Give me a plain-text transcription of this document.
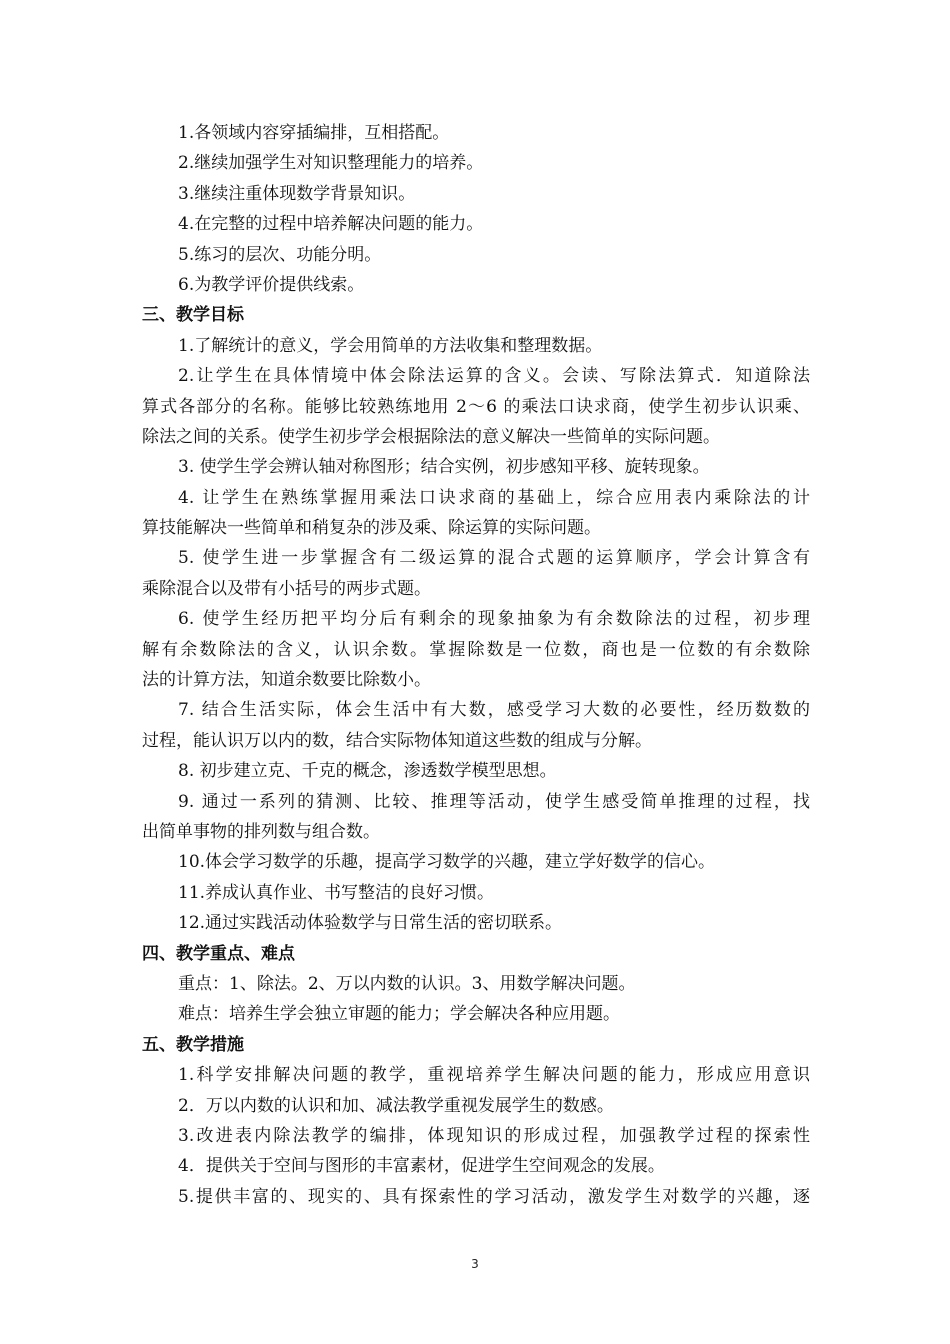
1.各领域内容穿插编排，互相搭配。
2.继续加强学生对知识整理能力的培养。
3.继续注重体现数学背景知识。
4.在完整的过程中培养解决问题的能力。
5.练习的层次、功能分明。
6.为教学评价提供线索。
三、教学目标
1.了解统计的意义，学会用简单的方法收集和整理数据。
2.让学生在具体情境中体会除法运算的含义。会读、写除法算式．知道除法
算式各部分的名称。能够比较熟练地用 2～6 的乘法口诀求商，使学生初步认识乘、
除法之间的关系。使学生初步学会根据除法的意义解决一些简单的实际问题。
3. 使学生学会辨认轴对称图形；结合实例，初步感知平移、旋转现象。
4. 让学生在熟练掌握用乘法口诀求商的基础上，综合应用表内乘除法的计
算技能解决一些简单和稍复杂的涉及乘、除运算的实际问题。
5. 使学生进一步掌握含有二级运算的混合式题的运算顺序，学会计算含有
乘除混合以及带有小括号的两步式题。
6. 使学生经历把平均分后有剩余的现象抽象为有余数除法的过程，初步理
解有余数除法的含义，认识余数。掌握除数是一位数，商也是一位数的有余数除
法的计算方法，知道余数要比除数小。
7. 结合生活实际，体会生活中有大数，感受学习大数的必要性，经历数数的
过程，能认识万以内的数，结合实际物体知道这些数的组成与分解。
8. 初步建立克、千克的概念，渗透数学模型思想。
9. 通过一系列的猜测、比较、推理等活动，使学生感受简单推理的过程，找
出简单事物的排列数与组合数。
10.体会学习数学的乐趣，提高学习数学的兴趣，建立学好数学的信心。
11.养成认真作业、书写整洁的良好习惯。
12.通过实践活动体验数学与日常生活的密切联系。
四、教学重点、难点
重点：1、除法。2、万以内数的认识。3、用数学解决问题。
难点：培养生学会独立审题的能力；学会解决各种应用题。
五、教学措施
1.科学安排解决问题的教学，重视培养学生解决问题的能力，形成应用意识
2．万以内数的认识和加、减法教学重视发展学生的数感。
3.改进表内除法教学的编排，体现知识的形成过程，加强教学过程的探索性
4．提供关于空间与图形的丰富素材，促进学生空间观念的发展。
5.提供丰富的、现实的、具有探索性的学习活动，激发学生对数学的兴趣，逐
3
